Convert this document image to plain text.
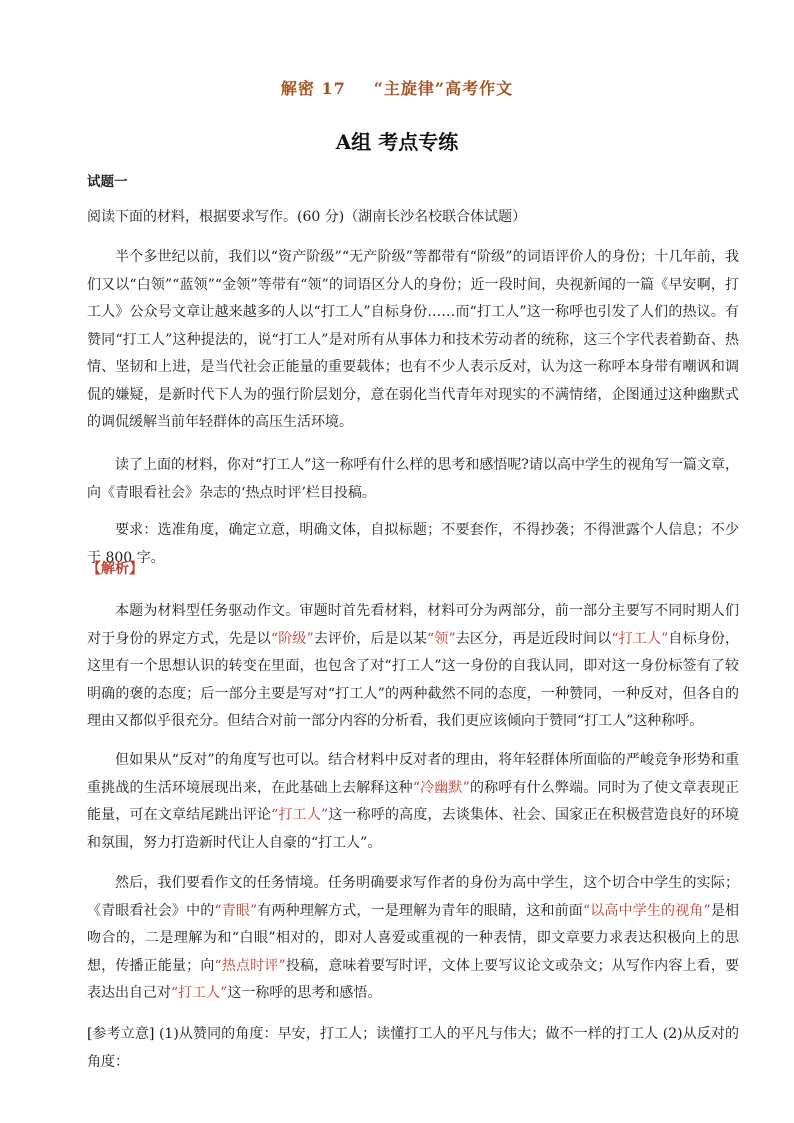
解密 17 “主旋律”高考作文
A组 考点专练
试题一

阅读下面的材料，根据要求写作。(60 分)（湖南长沙名校联合体试题）

半个多世纪以前，我们以“资产阶级”“无产阶级”等都带有“阶级”的词语评价人的身份；十几年前，我们又以“白领”“蓝领”“金领”等带有“领”的词语区分人的身份；近一段时间，央视新闻的一篇《早安啊，打工人》公众号文章让越来越多的人以“打工人”自标身份……而“打工人”这一称呼也引发了人们的热议。有赞同“打工人”这种提法的，说“打工人”是对所有从事体力和技术劳动者的统称，这三个字代表着勤奋、热情、坚韧和上进，是当代社会正能量的重要载体；也有不少人表示反对，认为这一称呼本身带有嘲讽和调侃的嫌疑，是新时代下人为的强行阶层划分，意在弱化当代青年对现实的不满情绪，企图通过这种幽默式的调侃缓解当前年轻群体的高压生活环境。

读了上面的材料，你对“打工人”这一称呼有什么样的思考和感悟呢?请以高中学生的视角写一篇文章，向《青眼看社会》杂志的‘热点时评’栏目投稿。

要求：选准角度，确定立意，明确文体，自拟标题；不要套作，不得抄袭；不得泄露个人信息；不少于 800 字。

【解析】

本题为材料型任务驱动作文。审题时首先看材料，材料可分为两部分，前一部分主要写不同时期人们对于身份的界定方式，先是以“阶级”去评价，后是以某“领”去区分，再是近段时间以“打工人”自标身份，这里有一个思想认识的转变在里面，也包含了对“打工人”这一身份的自我认同，即对这一身份标签有了较明确的褒的态度；后一部分主要是写对“打工人”的两种截然不同的态度，一种赞同，一种反对，但各自的理由又都似乎很充分。但结合对前一部分内容的分析看，我们更应该倾向于赞同“打工人”这种称呼。

但如果从“反对”的角度写也可以。结合材料中反对者的理由，将年轻群体所面临的严峻竞争形势和重重挑战的生活环境展现出来，在此基础上去解释这种“冷幽默”的称呼有什么弊端。同时为了使文章表现正能量，可在文章结尾跳出评论“打工人”这一称呼的高度，去谈集体、社会、国家正在积极营造良好的环境和氛围，努力打造新时代让人自豪的“打工人”。

然后，我们要看作文的任务情境。任务明确要求写作者的身份为高中学生，这个切合中学生的实际；《青眼看社会》中的“青眼”有两种理解方式，一是理解为青年的眼睛，这和前面“以高中学生的视角”是相吻合的，二是理解为和“白眼”相对的，即对人喜爱或重视的一种表情，即文章要力求表达积极向上的思想，传播正能量；向“热点时评”投稿，意味着要写时评，文体上要写议论文或杂文；从写作内容上看，要表达出自己对“打工人”这一称呼的思考和感悟。

[参考立意] (1)从赞同的角度：早安，打工人；读懂打工人的平凡与伟大；做不一样的打工人 (2)从反对的角度：
